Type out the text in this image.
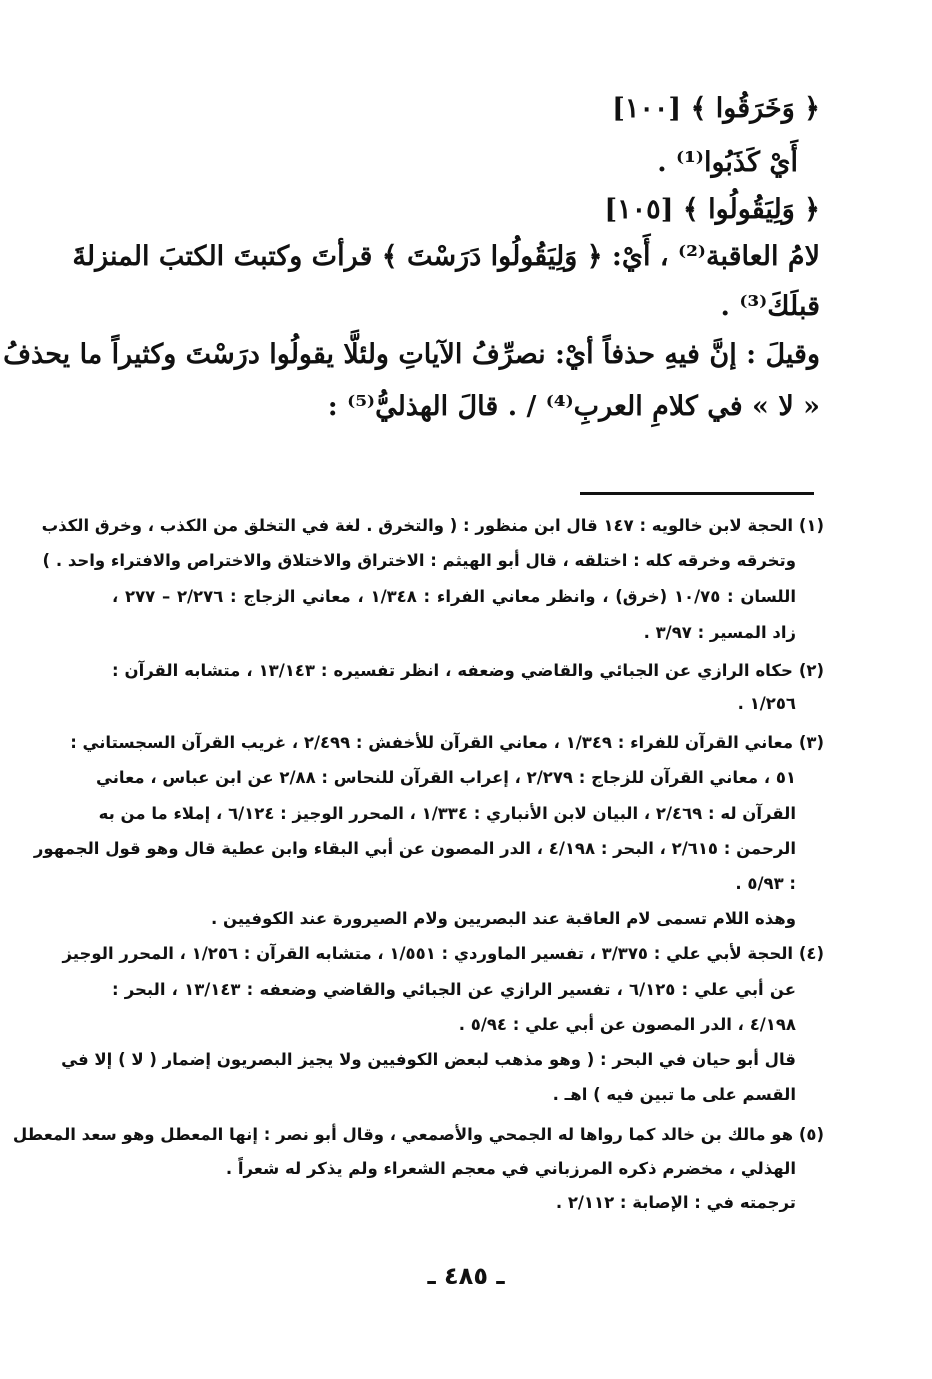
﴿ وَخَرَقُوا ﴾ [١٠٠]
أَيْ كَذَبُوا⁽¹⁾ .
﴿ وَلِيَقُولُوا ﴾ [١٠٥]
لامُ العاقبة⁽²⁾ ، أَيْ: ﴿ وَلِيَقُولُوا دَرَسْتَ ﴾ قرأتَ وكتبتَ الكتبَ المنزلةَ
قبلَكَ⁽³⁾ .
وقيلَ : إنَّ فيهِ حذفاً أيْ: نصرِّفُ الآياتِ ولئلَّا يقولُوا درَسْتَ وكثيراً ما يحذفُ
« لا » في كلامِ العربِ⁽⁴⁾ / . قالَ الهذليُّ⁽⁵⁾ :
(١) الحجة لابن خالويه : ١٤٧ قال ابن منظور : ( والتخرق . لغة في التخلق من الكذب ، وخرق الكذب
وتخرقه وخرقه كله : اختلقه ، قال أبو الهيثم : الاختراق والاختلاق والاختراص والافتراء واحد . )
اللسان : ١٠/٧٥ (خرق) ، وانظر معاني الفراء : ١/٣٤٨ ، معاني الزجاج : ٢/٢٧٦ – ٢٧٧ ،
زاد المسير : ٣/٩٧ .
(٢) حكاه الرازي عن الجبائي والقاضي وضعفه ، انظر تفسيره : ١٣/١٤٣ ، متشابه القرآن :
١/٢٥٦ .
(٣) معاني القرآن للفراء : ١/٣٤٩ ، معاني القرآن للأخفش : ٢/٤٩٩ ، غريب القرآن السجستاني :
٥١ ، معاني القرآن للزجاج : ٢/٢٧٩ ، إعراب القرآن للنحاس : ٢/٨٨ عن ابن عباس ، معاني
القرآن له : ٢/٤٦٩ ، البيان لابن الأنباري : ١/٣٣٤ ، المحرر الوجيز : ٦/١٢٤ ، إملاء ما من به
الرحمن : ٢/٦١٥ ، البحر : ٤/١٩٨ ، الدر المصون عن أبي البقاء وابن عطية قال وهو قول الجمهور
: ٥/٩٣ .
وهذه اللام تسمى لام العاقبة عند البصريين ولام الصيرورة عند الكوفيين .
(٤) الحجة لأبي علي : ٣/٣٧٥ ، تفسير الماوردي : ١/٥٥١ ، متشابه القرآن : ١/٢٥٦ ، المحرر الوجيز
عن أبي علي : ٦/١٢٥ ، تفسير الرازي عن الجبائي والقاضي وضعفه : ١٣/١٤٣ ، البحر :
٤/١٩٨ ، الدر المصون عن أبي علي : ٥/٩٤ .
قال أبو حيان في البحر : ( وهو مذهب لبعض الكوفيين ولا يجيز البصريون إضمار ( لا ) إلا في
القسم على ما تبين فيه ) اهـ .
(٥) هو مالك بن خالد كما رواها له الجمحي والأصمعي ، وقال أبو نصر : إنها المعطل وهو سعد المعطل
الهذلي ، مخضرم ذكره المرزباني في معجم الشعراء ولم يذكر له شعراً .
ترجمته في : الإصابة : ٢/١١٢ .
ـ ٤٨٥ ـ
